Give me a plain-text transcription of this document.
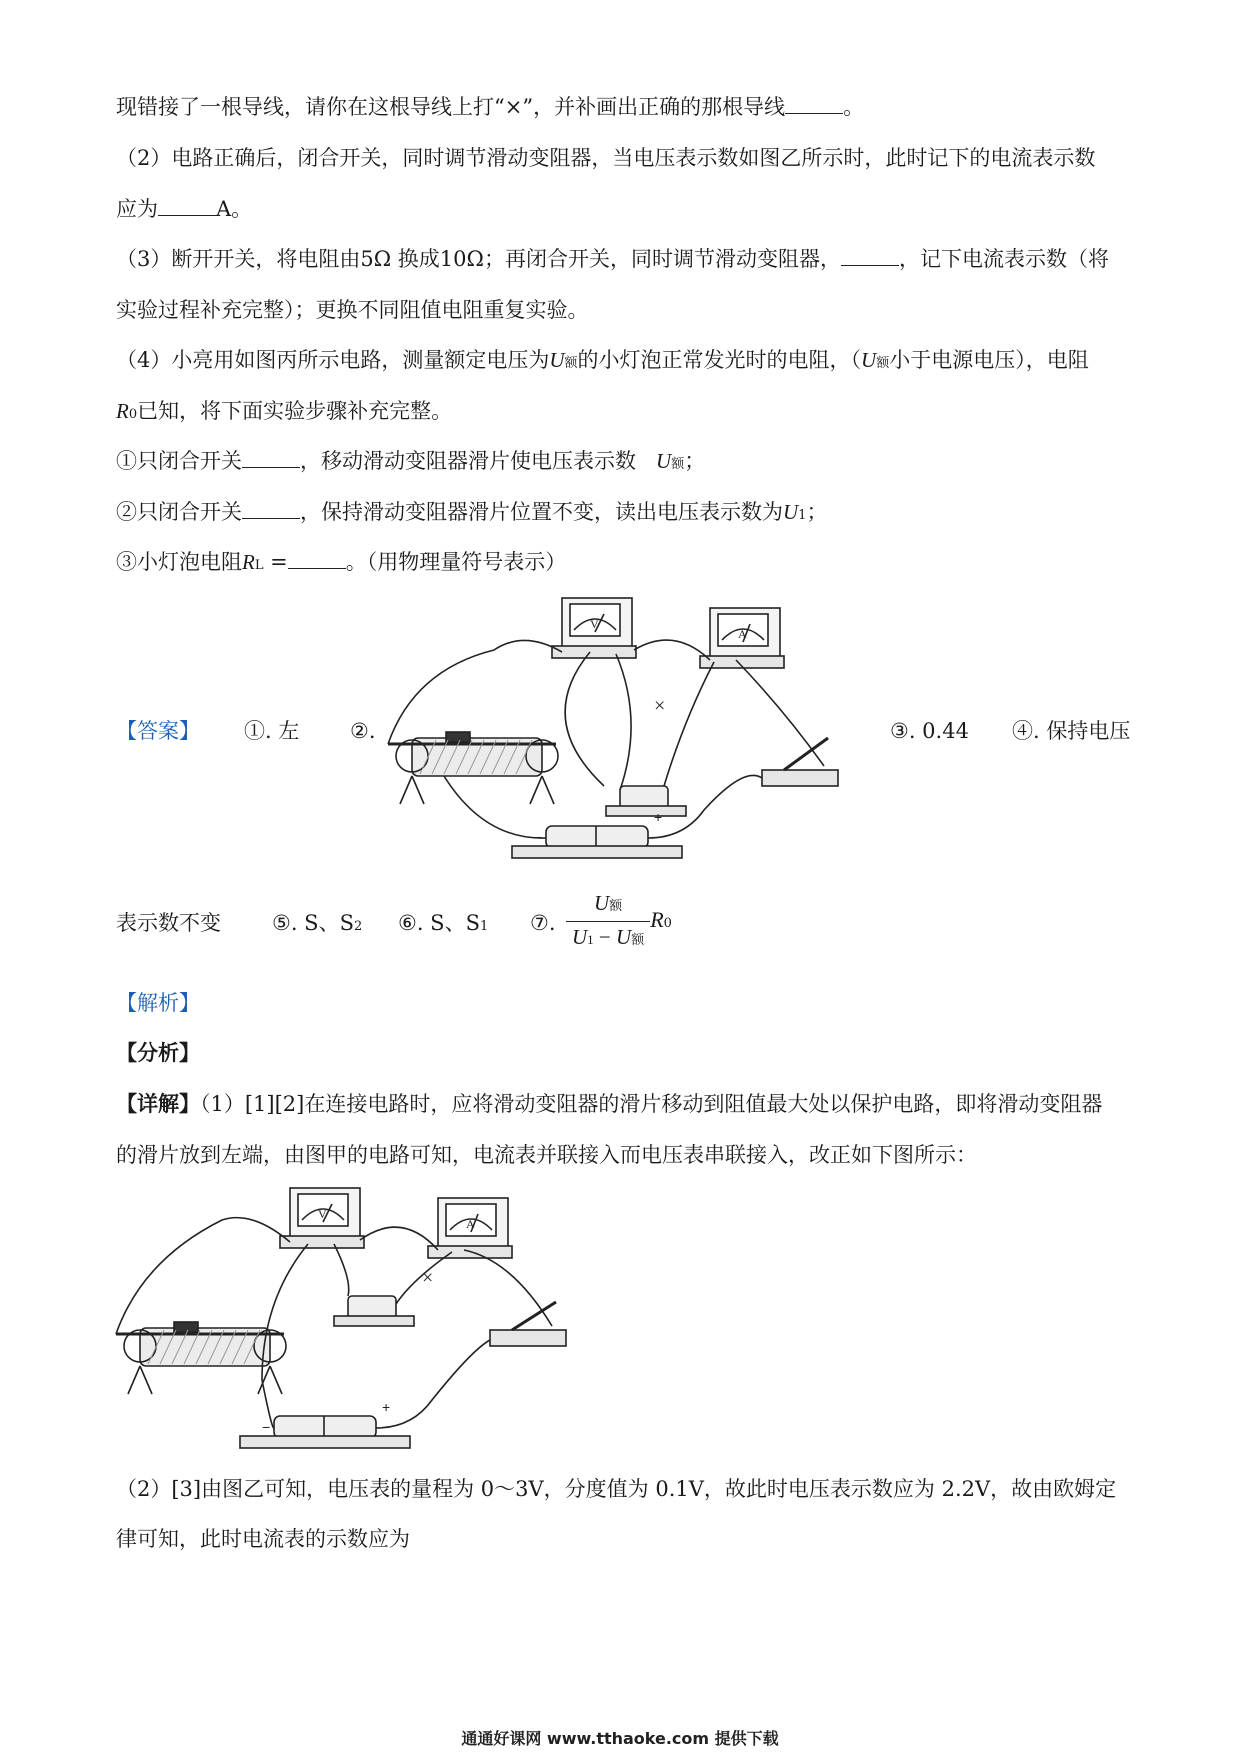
现错接了一根导线，请你在这根导线上打“×”，并补画出正确的那根导线	。
（2）电路正确后，闭合开关，同时调节滑动变阻器，当电压表示数如图乙所示时，此时记下的电流表示数
应为	A。
（3）断开开关，将电阻由5Ω 换成10Ω；再闭合开关，同时调节滑动变阻器，	，记下电流表示数（将
实验过程补充完整）；更换不同阻值电阻重复实验。
（4）小亮用如图丙所示电路，测量额定电压为U额的小灯泡正常发光时的电阻，（U额小于电源电压），电阻
R0已知，将下面实验步骤补充完整。
①只闭合开关	，移动滑动变阻器滑片使电压表示数 U额；
②只闭合开关	，保持滑动变阻器滑片位置不变，读出电压表示数为U1；
③小灯泡电阻RL =	。（用物理量符号表示）
【答案】 ①. 左 ②.	③. 0.44 ④. 保持电压
V
A
×
−
+
表示数不变 ⑤. S、S2 ⑥. S、S1 ⑦. $\frac{\text{U额}}{\text{U1 − U额}} R0$
【解析】
【分析】
【详解】（1）[1][2]在连接电路时，应将滑动变阻器的滑片移动到阻值最大处以保护电路，即将滑动变阻器
的滑片放到左端，由图甲的电路可知，电流表并联接入而电压表串联接入，改正如下图所示：
V
A
×
−
+
（2）[3]由图乙可知，电压表的量程为 0～3V，分度值为 0.1V，故此时电压表示数应为 2.2V，故由欧姆定
律可知，此时电流表的示数应为
通通好课网 www.tthaoke.com 提供下载
